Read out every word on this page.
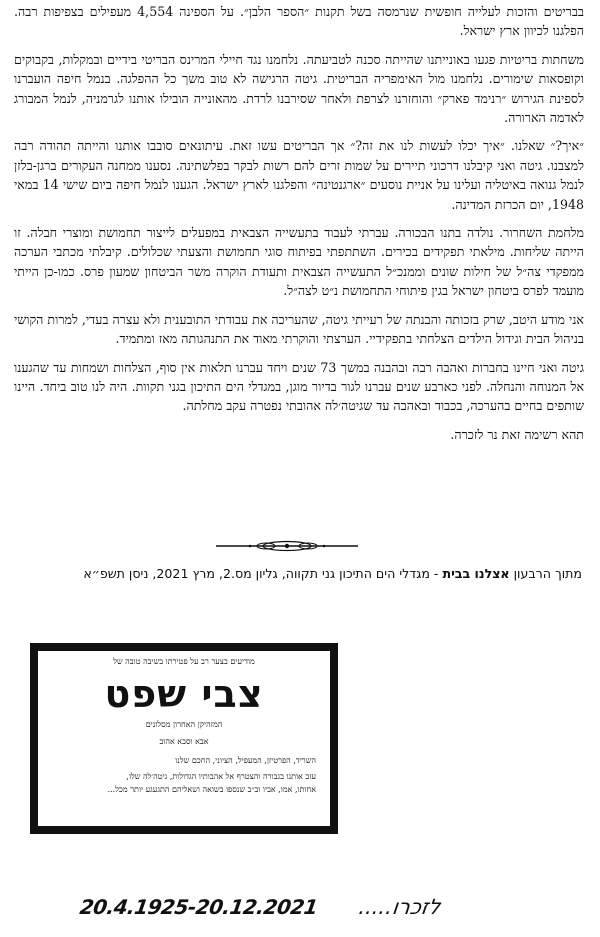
בבריטים והזכות לעלייה חופשית שנרמסה בשל תקנות ״הספר הלבן״. על הספינה 4,554 מעפילים בצפיפות רבה. הפלגנו לכיוון ארץ ישראל.

משחתות בריטיות פגעו באונייתנו שהייתה סכנה לטביעתה. נלחמנו נגד חיילי המרינס הבריטי בידיים ובמקלות, בקבוקים וקופסאות שימורים. נלחמנו מול האימפריה הבריטית. גיטה הרגישה לא טוב משך כל ההפלגה. בנמל חיפה הועברנו לספינת הגירוש ״רנימד פארק״ והוחזרנו לצרפת ולאחר שסירבנו לרדת. מהאונייה הובילו אותנו לגרמניה, לנמל המבורג לאדמה הארורה.

״איך?״ שאלנו. ״איך יכלו לעשות לנו את זה?״ אך הבריטים עשו זאת. עיתונאים סובבו אותנו והייתה תהודה רבה למצבנו. גיטה ואני קיבלנו דרכוני תיירים על שמות זרים להם רשות לבקר בפלשתינה. נסענו ממחנה העקורים ברגן-בלזן לנמל גנואה באיטליה ועלינו על אניית נוסעים ״ארגנטינה״ והפלגנו לארץ ישראל. הגענו לנמל חיפה ביום שישי 14 במאי 1948, יום הכרזת המדינה.

מלחמת השחרור. נולדה בתנו הבכורה. עברתי לעבוד בתעשייה הצבאית במפעלים לייצור תחמושת ומוצרי חבלה. זו הייתה שליחות. מילאתי תפקידים בכירים. השתתפתי בפיתוח סוגי תחמושת והצעתי שכלולים. קיבלתי מכתבי הערכה ממפקדי צה״ל של חילות שונים וממנכ״ל התעשייה הצבאית ותעודת הוקרה משר הביטחון שמעון פרס. כמו-כן הייתי מועמד לפרס ביטחון ישראל בגין פיתוחי התחמושת נ״ט לצה״ל.

אני מודע היטב, שרק בזכותה והבנתה של רעייתי גיטה, שהעריכה את עבודתי התובענית ולא עצרה בעדי, למרות הקושי בניהול הבית וגידול הילדים הצלחתי בתפקידיי. הערצתי והוקרתי מאוד את התנהגותה מאז ומתמיד.

גיטה ואני חיינו בחברות ואהבה רבה ובהבנה במשך 73 שנים ויחד עברנו תלאות אין סוף, הצלחות ושמחות עד שהגענו אל המנוחה והנחלה. לפני כארבע שנים עברנו לגור בדיור מוגן, במגדלי הים התיכון בגני תקוות. היה לנו טוב ביחד. היינו שותפים בחיים בהערכה, בכבוד ובאהבה עד שגיטה׳לה אהובתי נפטרה עקב מחלתה.

תהא רשימה זאת נר לזכרה.

מתוך הרבעון אצלנו בבית - מגדלי הים התיכון גני תקווה, גליון מס.2, מרץ 2021, ניסן תשפ״א
מודיעים בצער רב על פטירתו בשיבה טובה של
צבי שפט
המזהיקן האחרון מסלונים
אבא וסבא אהוב
השריד, הפרטיזן, המעפיל, הציוני, החכם שלנו
עזב אותנו בגבורה והצטרף אל אהבותיו הגדולות, גיטה׳לה שלו,
אחותו, אמו, אביו וב״ב שנספו בשואה ושאליהם התגעגע יותר מכל...
20.4.1925-20.12.2021 לזכרו.....
